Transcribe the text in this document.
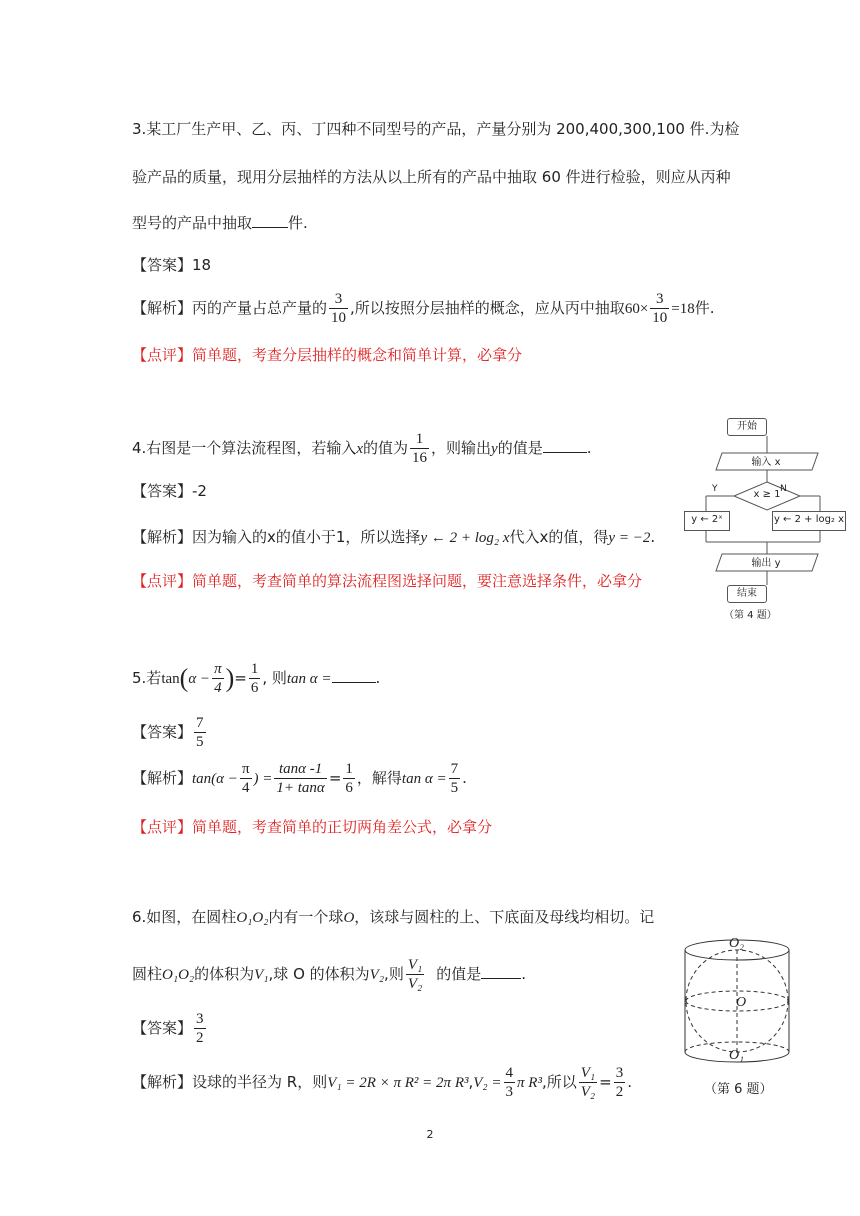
3.某工厂生产甲、乙、丙、丁四种不同型号的产品，产量分别为 200,400,300,100 件.为检
验产品的质量，现用分层抽样的方法从以上所有的产品中抽取 60 件进行检验，则应从丙种
型号的产品中抽取 件.
【答案】18
【解析】丙的产量占总产量的 $\frac{3}{10}$ ,所以按照分层抽样的概念，应从丙中抽取$60\times \frac{3}{10} =18$件.
【点评】简单题，考查分层抽样的概念和简单计算，必拿分
4.右图是一个算法流程图，若输入x的值为 $\frac{1}{16}$ ，则输出y的值是	.
【答案】-2
【解析】因为输入的x的值小于1，所以选择y ← 2 + log₂ x代入x的值，得y = −2.
【点评】简单题，考查简单的算法流程图选择问题，要注意选择条件，必拿分
开始
输入 x
x ≥ 1
Y	N
y ← 2ˣ	y ← 2 + log₂ x
输出 y
结束
（第 4 题）
5.若$\tan(\alpha - \frac{\pi}{4}$ )= $\frac{1}{6}$ , 则tan α =	.
【答案】 $\frac{7}{5}$
【解析】$\tan(\alpha - \frac{\pi}{4}$ ) = $\frac{\tan\alpha -1}{1+ \tan\alpha} = \frac{1}{6}$ ，解得$\tan \alpha = \frac{7}{5}$ .
【点评】简单题，考查简单的正切两角差公式，必拿分
6.如图，在圆柱O₁O₂内有一个球O，该球与圆柱的上、下底面及母线均相切。记
圆柱O₁O₂的体积为V₁,球 O 的体积为V₂,则 $\frac{\text{V₁}}{\text{V₂}}$ 的值是	.
【答案】 $\frac{3}{2}$
【解析】设球的半径为 R，则V₁ = 2R × π R² = 2π $R^3,V_2 = \frac{4}{3}$ π R³,所以 $\frac{\text{V₁}}{\text{V₂}} = \frac{3}{2}$ .
O₂
O
O₁
（第 6 题）
2
